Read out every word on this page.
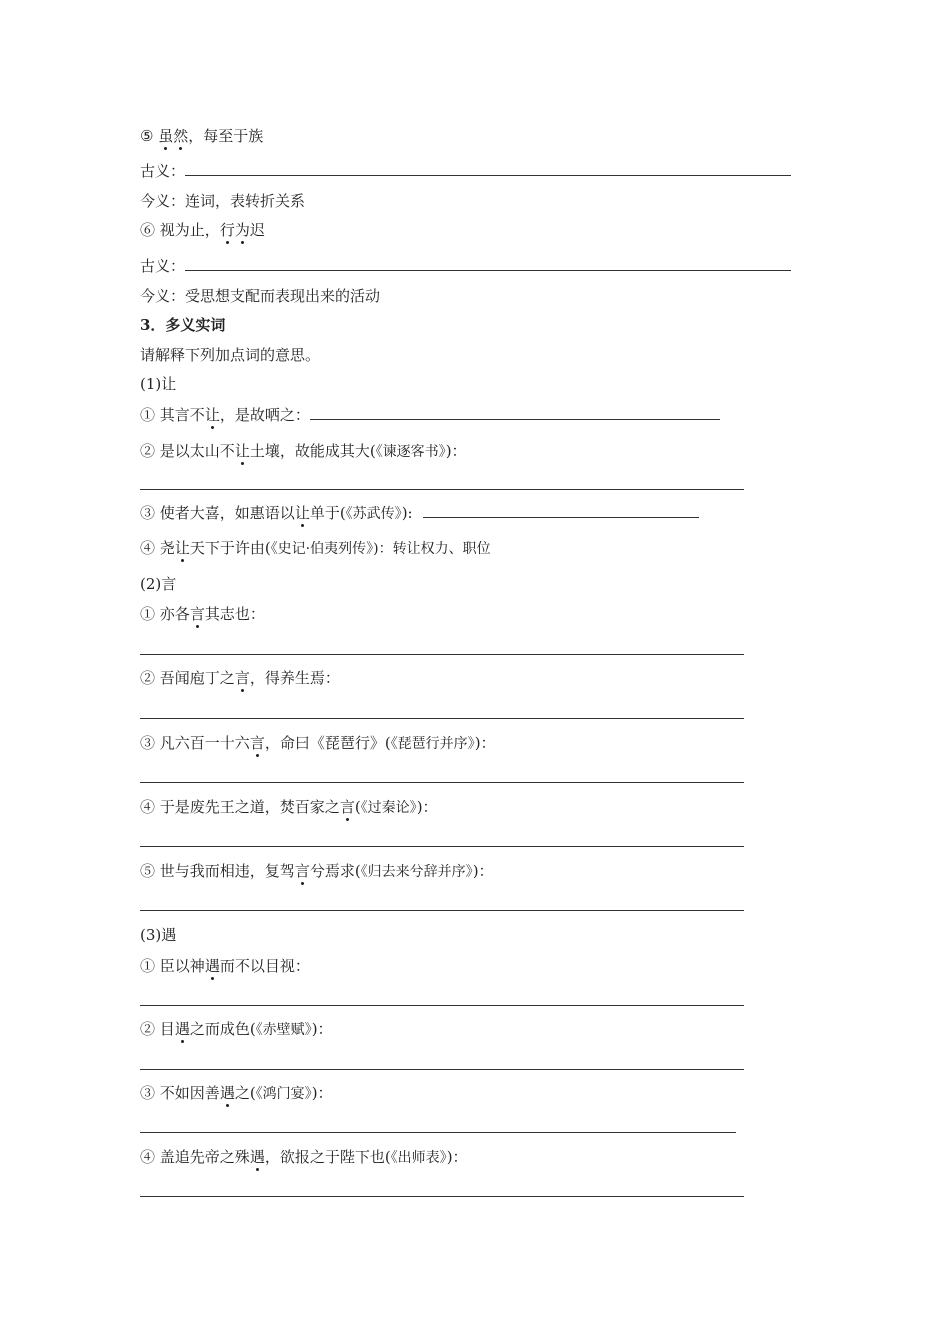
⑤ 虽然，每至于族
古义：
今义：连词，表转折关系
⑥ 视为止，行为迟
古义：
今义：受思想支配而表现出来的活动
3．多义实词
请解释下列加点词的意思。
(1)让
① 其言不让，是故哂之：
② 是以太山不让土壤，故能成其大(《谏逐客书》)：
③ 使者大喜，如惠语以让单于(《苏武传》):
④ 尧让天下于许由(《史记·伯夷列传》)：转让权力、职位
(2)言
① 亦各言其志也：
② 吾闻庖丁之言，得养生焉：
③ 凡六百一十六言，命曰《琵琶行》(《琵琶行并序》)：
④ 于是废先王之道，焚百家之言(《过秦论》)：
⑤ 世与我而相违，复驾言兮焉求(《归去来兮辞并序》)：
(3)遇
① 臣以神遇而不以目视：
② 目遇之而成色(《赤壁赋》)：
③ 不如因善遇之(《鸿门宴》)：
④ 盖追先帝之殊遇，欲报之于陛下也(《出师表》)：
